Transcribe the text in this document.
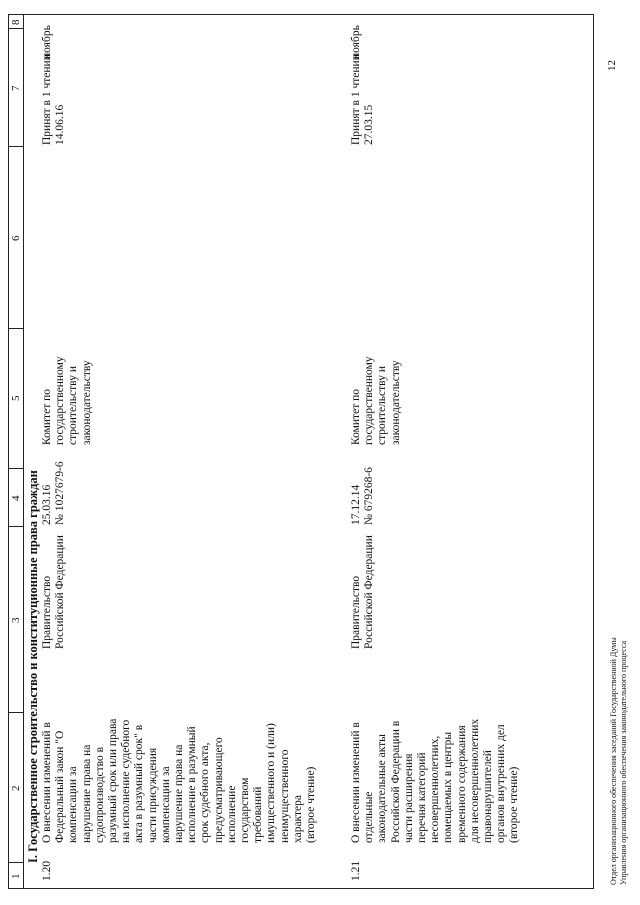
1
2
3
4
5
6
7
8
I. Государственное строительство и конституционные права граждан
1.20
О внесении изменений в Федеральный закон "О компенсации за нарушение права на судопроизводство в разумный срок или права на исполнение судебного акта в разумный срок" в части присуждения компенсации за нарушение права на исполнение в разумный срок судебного акта, предусматривающего исполнение государством требований имущественного и (или) неимущественного характера (второе чтение)
Правительство Российской Федерации
25.03.16 № 1027679-6
Комитет по государственному строительству и законодательству
Принят в 1 чтении 14.06.16
ноябрь
1.21
О внесении изменений в отдельные законодательные акты Российской Федерации в части расширения перечня категорий несовершеннолетних, помещаемых в центры временного содержания для несовершеннолетних правонарушителей органов внутренних дел (второе чтение)
Правительство Российской Федерации
17.12.14 № 679268-6
Комитет по государственному строительству и законодательству
Принят в 1 чтении 27.03.15
ноябрь
Отдел организационного обеспечения заседаний Государственной Думы Управления организационного обеспечения законодательного процесса
12
